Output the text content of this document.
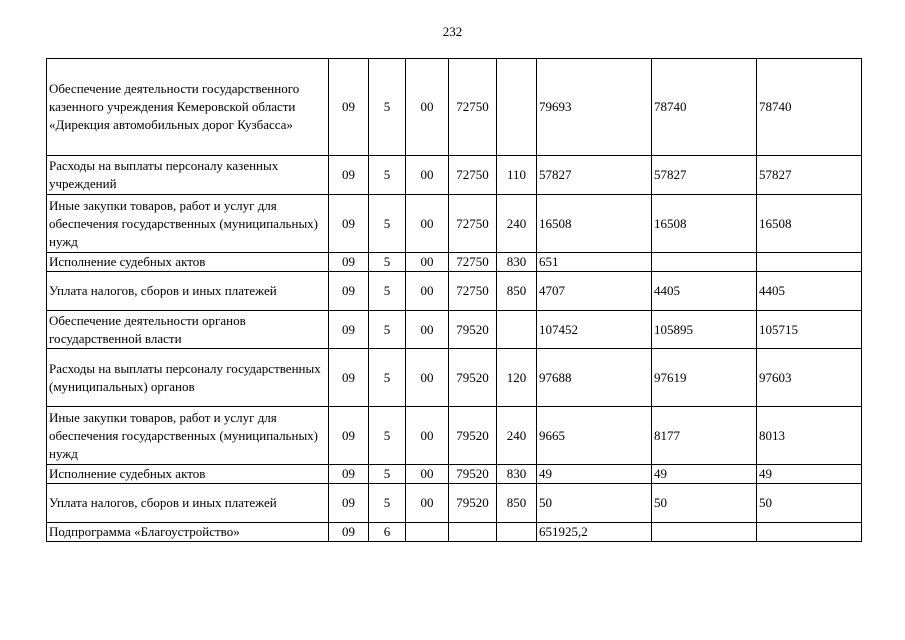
232
Обеспечение деятельности государственного казенного учреждения Кемеровской области «Дирекция автомобильных дорог Кузбасса»	09	5	00	72750		79693	78740	78740
Расходы на выплаты персоналу казенных учреждений	09	5	00	72750	110	57827	57827	57827
Иные закупки товаров, работ и услуг для обеспечения государственных (муниципальных) нужд	09	5	00	72750	240	16508	16508	16508
Исполнение судебных актов	09	5	00	72750	830	651		
Уплата налогов, сборов и иных платежей	09	5	00	72750	850	4707	4405	4405
Обеспечение деятельности органов государственной власти	09	5	00	79520		107452	105895	105715
Расходы на выплаты персоналу государственных (муниципальных) органов	09	5	00	79520	120	97688	97619	97603
Иные закупки товаров, работ и услуг для обеспечения государственных (муниципальных) нужд	09	5	00	79520	240	9665	8177	8013
Исполнение судебных актов	09	5	00	79520	830	49	49	49
Уплата налогов, сборов и иных платежей	09	5	00	79520	850	50	50	50
Подпрограмма «Благоустройство»	09	6				651925,2		
